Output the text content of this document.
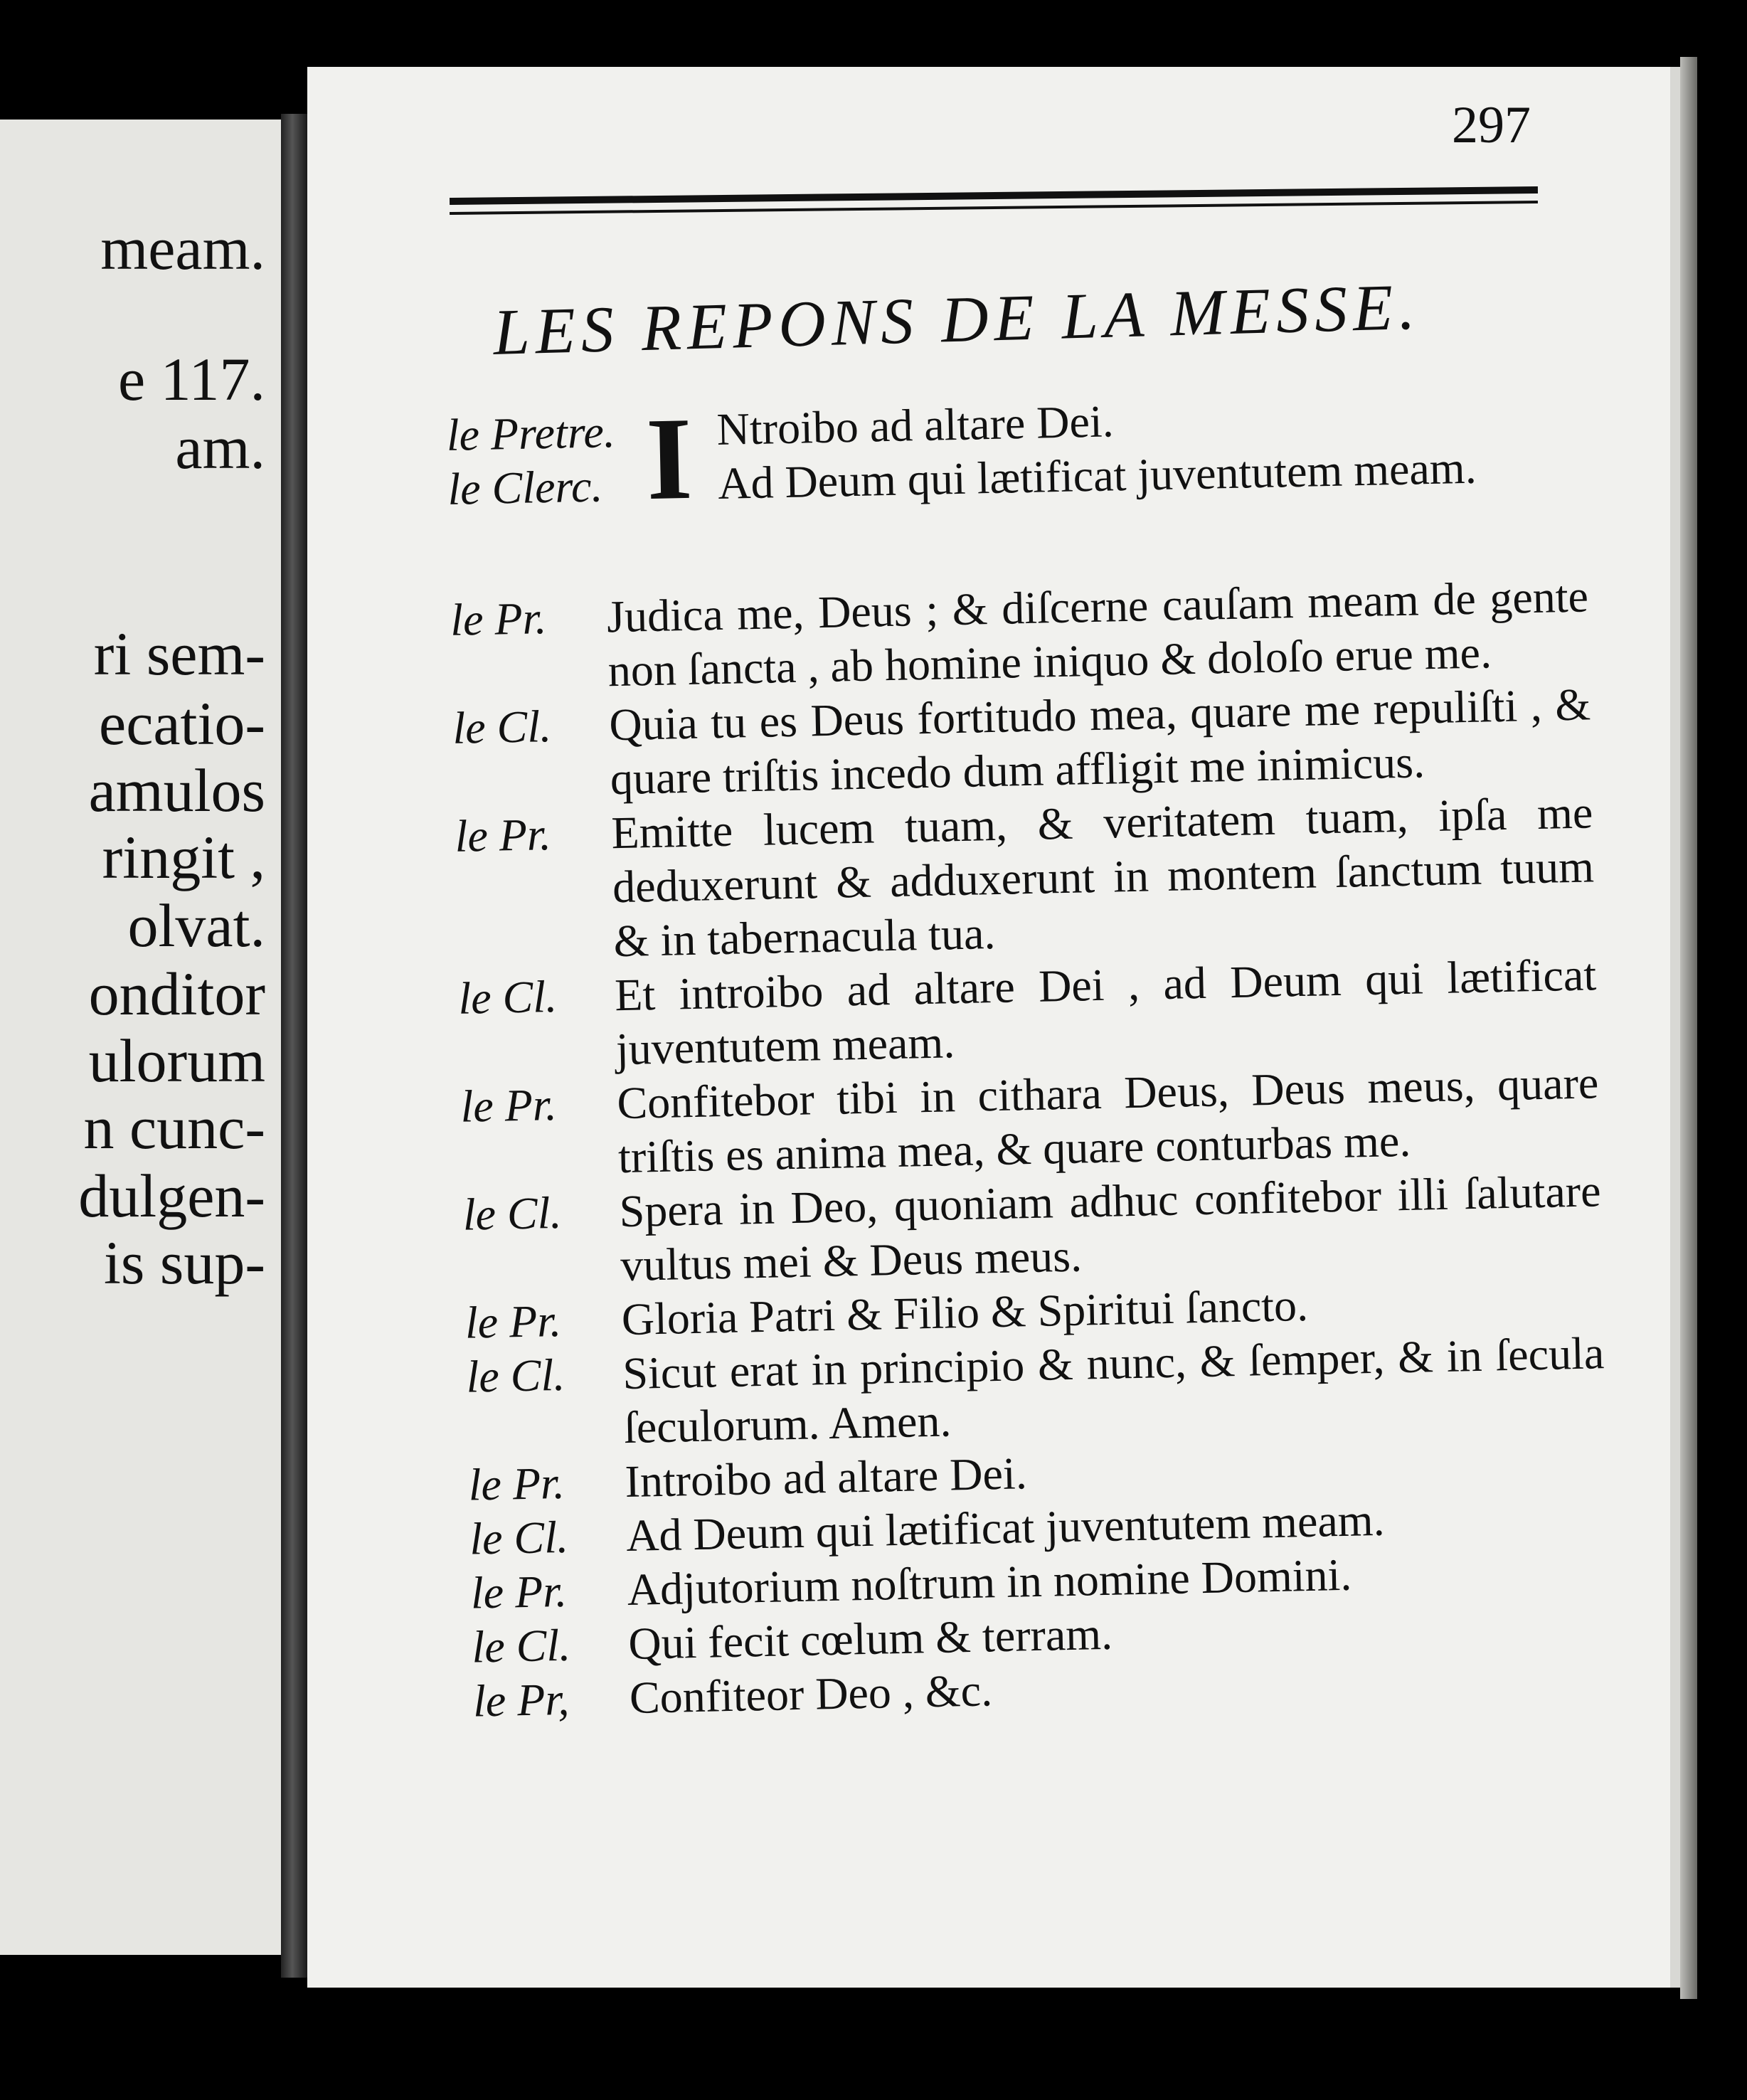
meam.
e 117.
am.
ri sem-
ecatio-
amulos
ringit ,
olvat.
onditor
ulorum
n cunc-
dulgen-
is sup-
297
LES REPONS DE LA MESSE.
le Pretre. I Ntroibo ad altare Dei.
le Clerc.	Ad Deum qui lætificat juventutem meam.
le Pr. Judica me, Deus ; & diſcerne cauſam meam de gente non ſancta , ab homine iniquo & doloſo erue me.
le Cl. Quia tu es Deus fortitudo mea, quare me repuliſti , & quare triſtis incedo dum affligit me inimicus.
le Pr. Emitte lucem tuam, & veritatem tuam, ipſa me deduxerunt & adduxerunt in montem ſanctum tuum & in tabernacula tua.
le Cl. Et introibo ad altare Dei , ad Deum qui lætificat juventutem meam.
le Pr. Confitebor tibi in cithara Deus, Deus meus, quare triſtis es anima mea, & quare conturbas me.
le Cl. Spera in Deo, quoniam adhuc confitebor illi ſalutare vultus mei & Deus meus.
le Pr. Gloria Patri & Filio & Spiritui ſancto.
le Cl. Sicut erat in principio & nunc, & ſemper, & in ſecula ſeculorum. Amen.
le Pr. Introibo ad altare Dei.
le Cl. Ad Deum qui lætificat juventutem meam.
le Pr. Adjutorium noſtrum in nomine Domini.
le Cl. Qui fecit cœlum & terram.
le Pr, Confiteor Deo , &c.
